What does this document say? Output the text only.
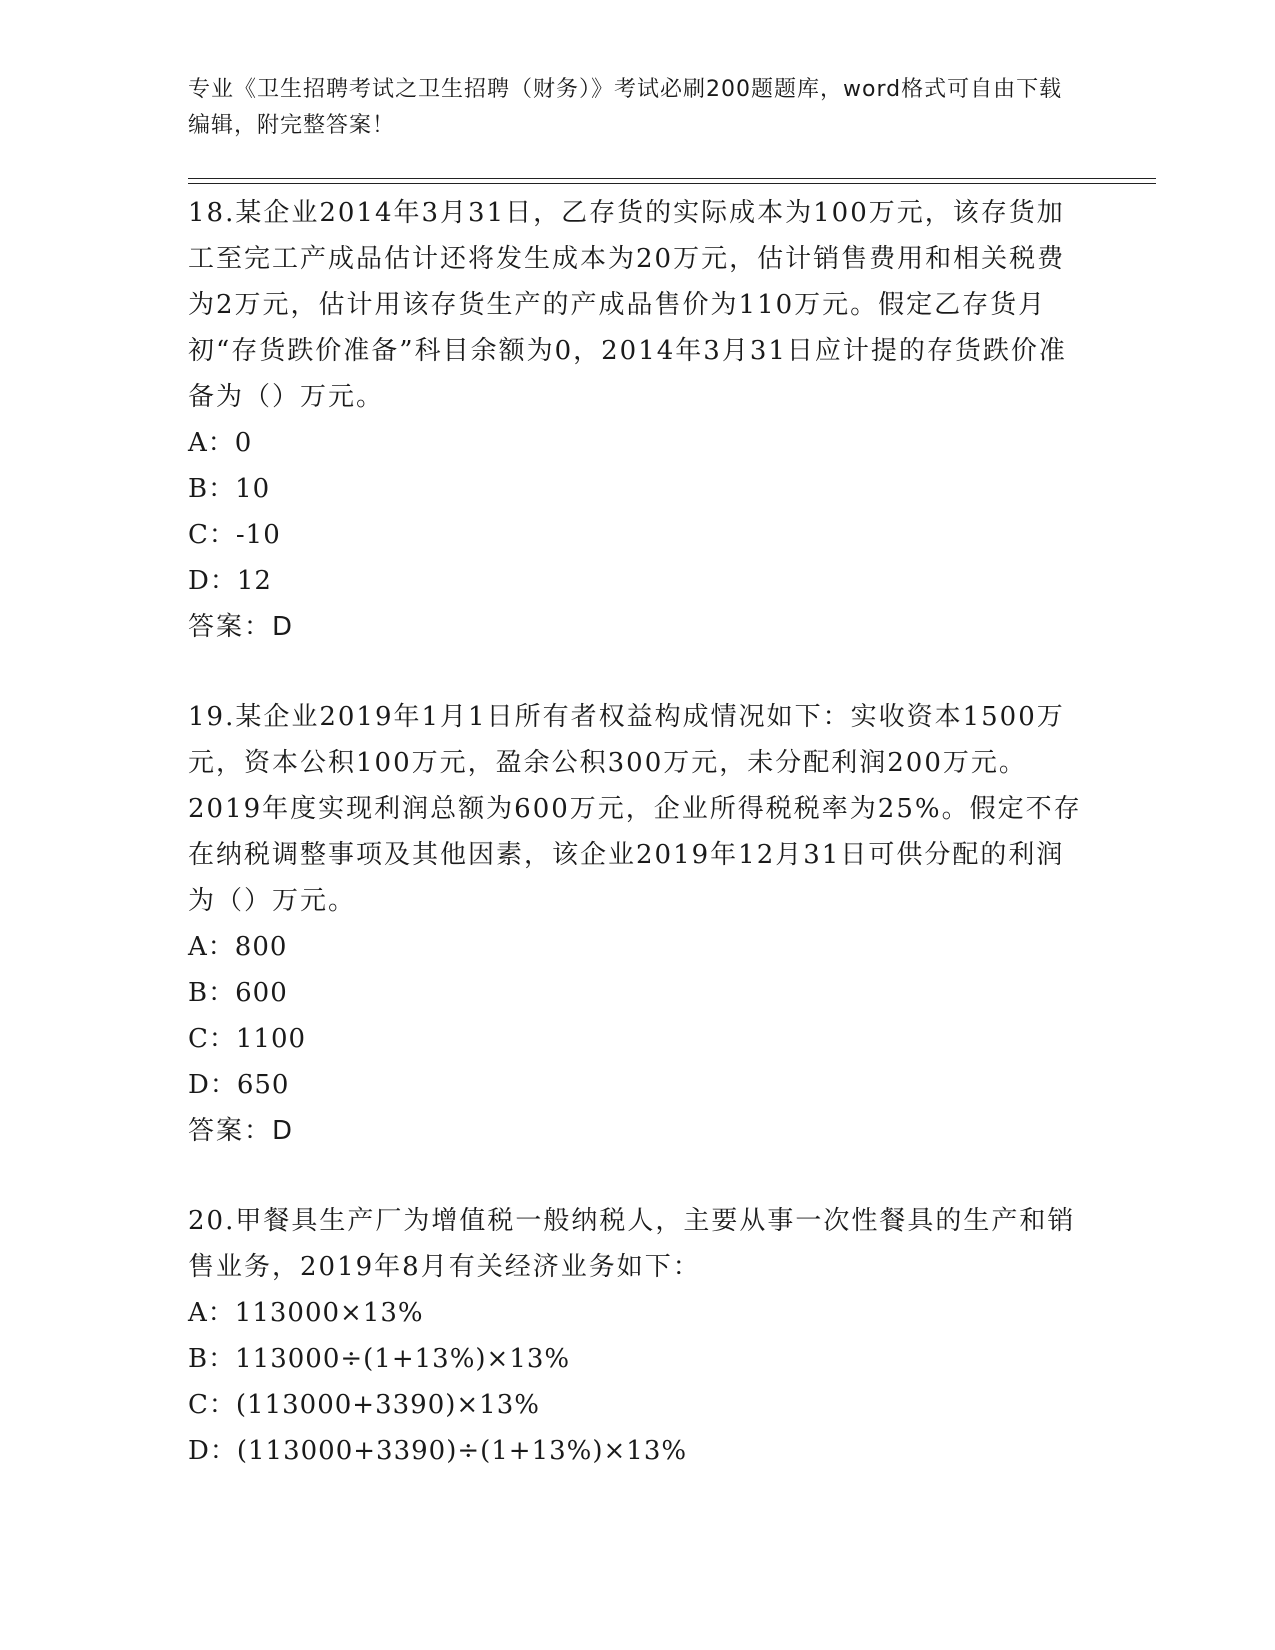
专业《卫生招聘考试之卫生招聘（财务）》考试必刷200题题库，word格式可自由下载编辑，附完整答案！
18.某企业2014年3月31日，乙存货的实际成本为100万元，该存货加工至完工产成品估计还将发生成本为20万元，估计销售费用和相关税费为2万元，估计用该存货生产的产成品售价为110万元。假定乙存货月初“存货跌价准备”科目余额为0，2014年3月31日应计提的存货跌价准备为（）万元。
A：0
B：10
C：-10
D：12
答案：D
19.某企业2019年1月1日所有者权益构成情况如下：实收资本1500万元，资本公积100万元，盈余公积300万元，未分配利润200万元。2019年度实现利润总额为600万元，企业所得税税率为25%。假定不存在纳税调整事项及其他因素，该企业2019年12月31日可供分配的利润为（）万元。
A：800
B：600
C：1100
D：650
答案：D
20.甲餐具生产厂为增值税一般纳税人，主要从事一次性餐具的生产和销售业务，2019年8月有关经济业务如下：
A：113000×13%
B：113000÷(1+13%)×13%
C：(113000+3390)×13%
D：(113000+3390)÷(1+13%)×13%
